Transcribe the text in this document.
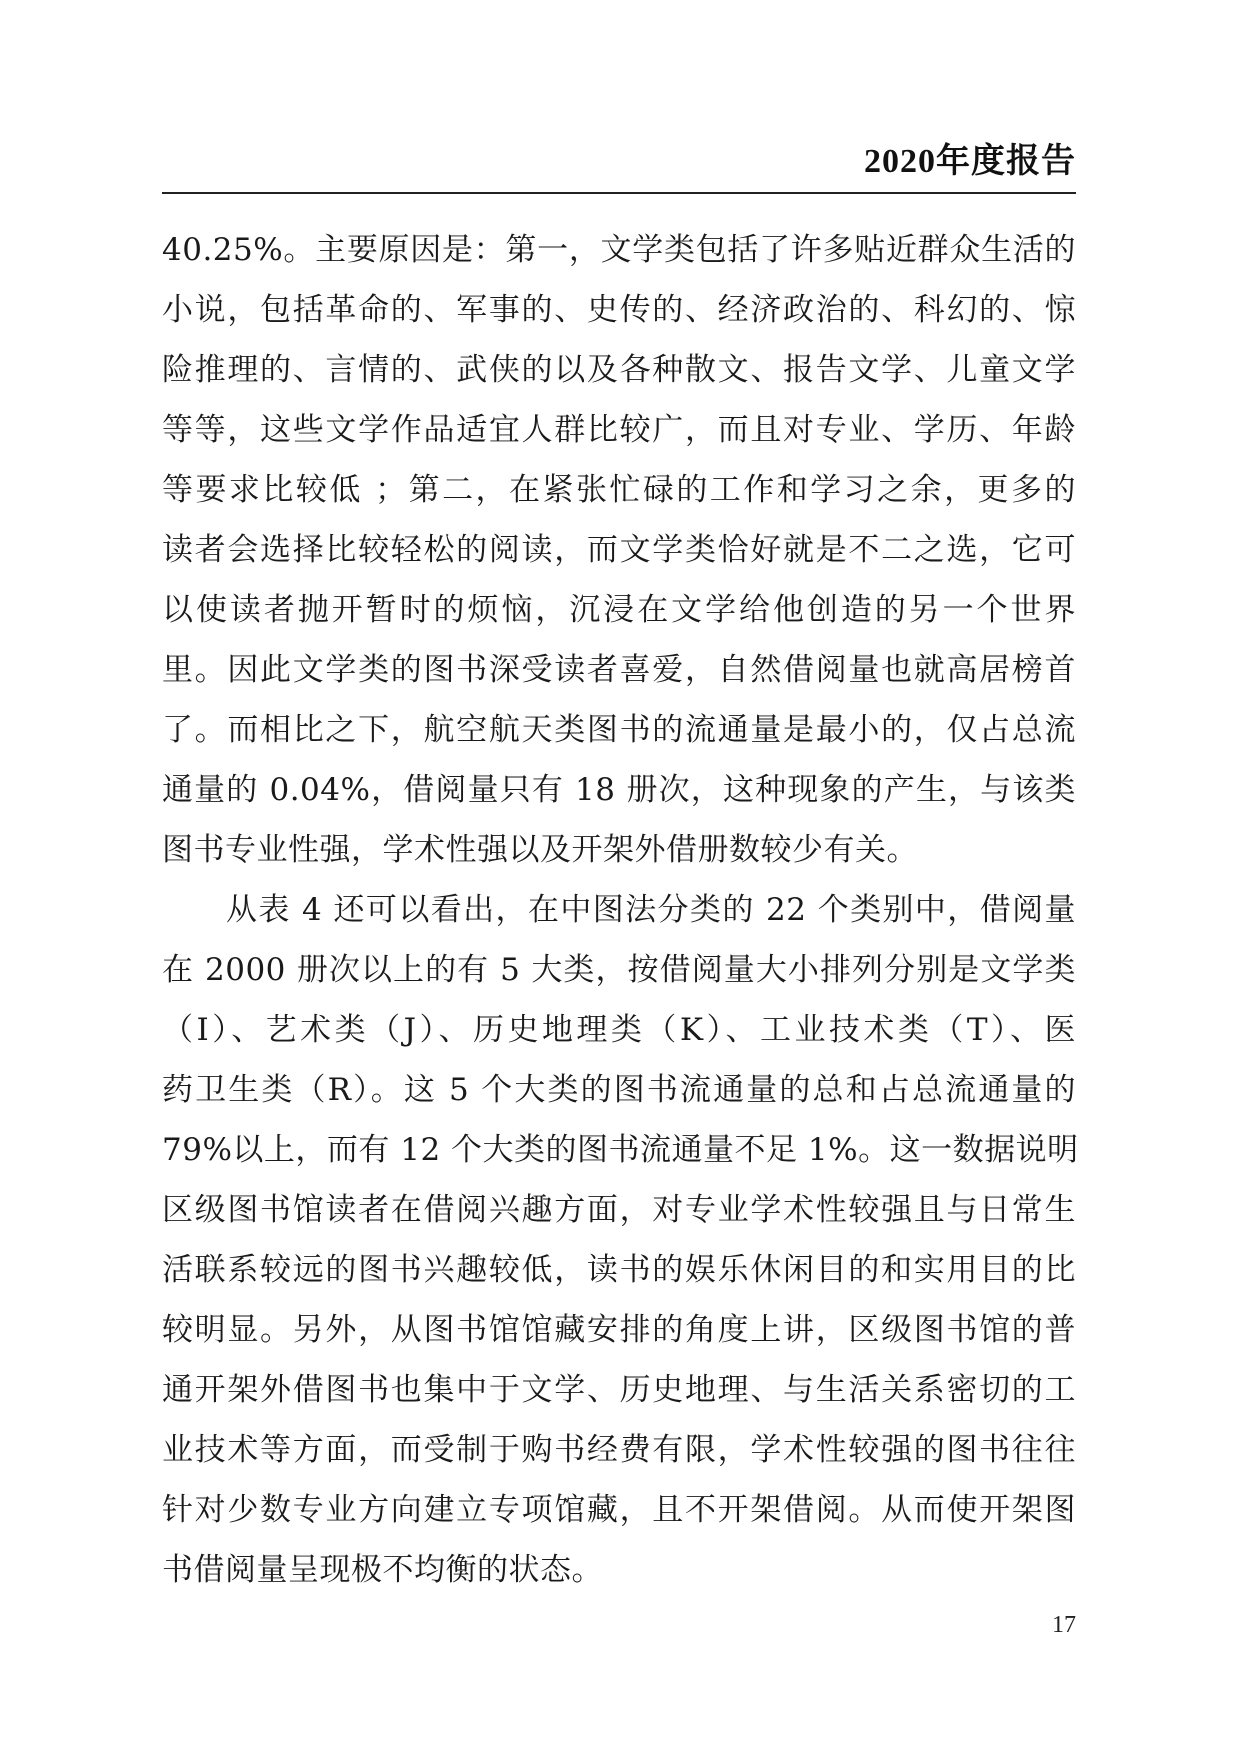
2020年度报告
40.25%。主要原因是：第一，文学类包括了许多贴近群众生活的
小说，包括革命的、军事的、史传的、经济政治的、科幻的、惊
险推理的、言情的、武侠的以及各种散文、报告文学、儿童文学
等等，这些文学作品适宜人群比较广，而且对专业、学历、年龄
等要求比较低 ；第二，在紧张忙碌的工作和学习之余，更多的
读者会选择比较轻松的阅读，而文学类恰好就是不二之选，它可
以使读者抛开暂时的烦恼，沉浸在文学给他创造的另一个世界
里。因此文学类的图书深受读者喜爱，自然借阅量也就高居榜首
了。而相比之下，航空航天类图书的流通量是最小的，仅占总流
通量的 0.04%，借阅量只有 18 册次，这种现象的产生，与该类
图书专业性强，学术性强以及开架外借册数较少有关。
从表 4 还可以看出，在中图法分类的 22 个类别中，借阅量
在 2000 册次以上的有 5 大类，按借阅量大小排列分别是文学类
（I）、艺术类（J）、历史地理类（K）、工业技术类（T）、医
药卫生类（R）。这 5 个大类的图书流通量的总和占总流通量的
79%以上，而有 12 个大类的图书流通量不足 1%。这一数据说明
区级图书馆读者在借阅兴趣方面，对专业学术性较强且与日常生
活联系较远的图书兴趣较低，读书的娱乐休闲目的和实用目的比
较明显。另外，从图书馆馆藏安排的角度上讲，区级图书馆的普
通开架外借图书也集中于文学、历史地理、与生活关系密切的工
业技术等方面，而受制于购书经费有限，学术性较强的图书往往
针对少数专业方向建立专项馆藏，且不开架借阅。从而使开架图
书借阅量呈现极不均衡的状态。
17
